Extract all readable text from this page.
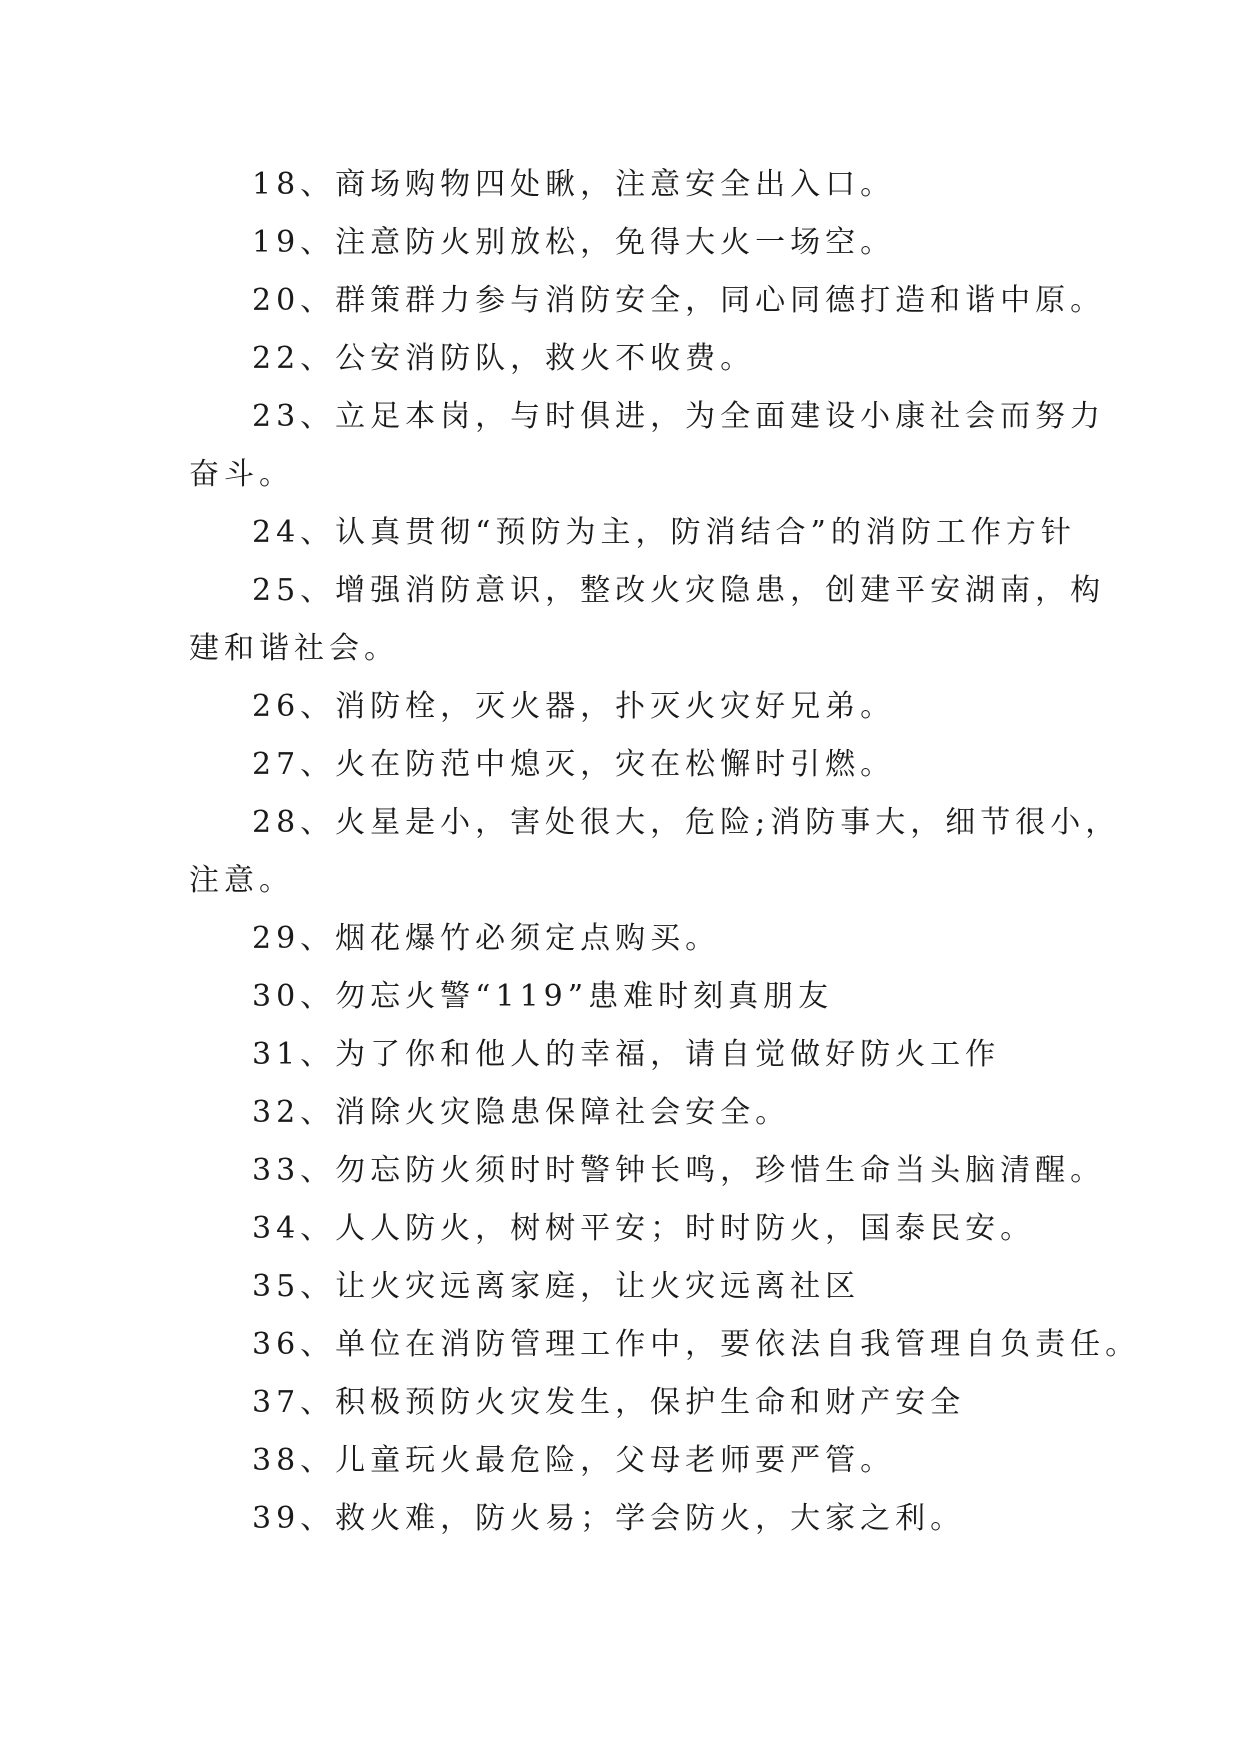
18、商场购物四处瞅，注意安全出入口。
19、注意防火别放松，免得大火一场空。
20、群策群力参与消防安全，同心同德打造和谐中原。
22、公安消防队，救火不收费。
23、立足本岗，与时俱进，为全面建设小康社会而努力
奋斗。
24、认真贯彻“预防为主，防消结合”的消防工作方针
25、增强消防意识，整改火灾隐患，创建平安湖南，构
建和谐社会。
26、消防栓，灭火器，扑灭火灾好兄弟。
27、火在防范中熄灭，灾在松懈时引燃。
28、火星是小，害处很大，危险;消防事大，细节很小，
注意。
29、烟花爆竹必须定点购买。
30、勿忘火警“119”患难时刻真朋友
31、为了你和他人的幸福，请自觉做好防火工作
32、消除火灾隐患保障社会安全。
33、勿忘防火须时时警钟长鸣，珍惜生命当头脑清醒。
34、人人防火，树树平安；时时防火，国泰民安。
35、让火灾远离家庭，让火灾远离社区
36、单位在消防管理工作中，要依法自我管理自负责任。
37、积极预防火灾发生，保护生命和财产安全
38、儿童玩火最危险，父母老师要严管。
39、救火难，防火易；学会防火，大家之利。
